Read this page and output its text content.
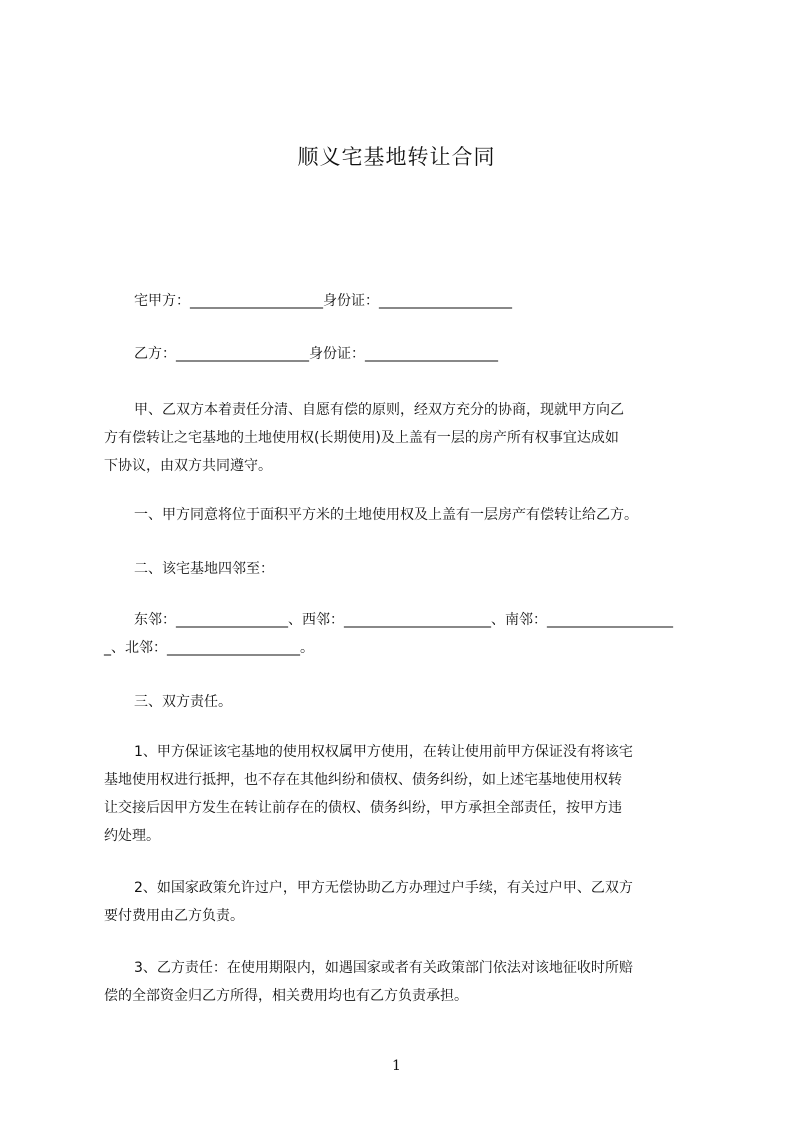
顺义宅基地转让合同
宅甲方：___________________身份证：___________________
乙方：___________________身份证：___________________
甲、乙双方本着责任分清、自愿有偿的原则，经双方充分的协商，现就甲方向乙
方有偿转让之宅基地的土地使用权(长期使用)及上盖有一层的房产所有权事宜达成如
下协议，由双方共同遵守。
一、甲方同意将位于面积平方米的土地使用权及上盖有一层房产有偿转让给乙方。
二、该宅基地四邻至：
东邻：________________、西邻：_____________________、南邻：__________________
_、北邻：___________________。
三、双方责任。
1、甲方保证该宅基地的使用权权属甲方使用，在转让使用前甲方保证没有将该宅
基地使用权进行抵押，也不存在其他纠纷和债权、债务纠纷，如上述宅基地使用权转
让交接后因甲方发生在转让前存在的债权、债务纠纷，甲方承担全部责任，按甲方违
约处理。
2、如国家政策允许过户，甲方无偿协助乙方办理过户手续，有关过户甲、乙双方
要付费用由乙方负责。
3、乙方责任：在使用期限内，如遇国家或者有关政策部门依法对该地征收时所赔
偿的全部资金归乙方所得，相关费用均也有乙方负责承担。
1
